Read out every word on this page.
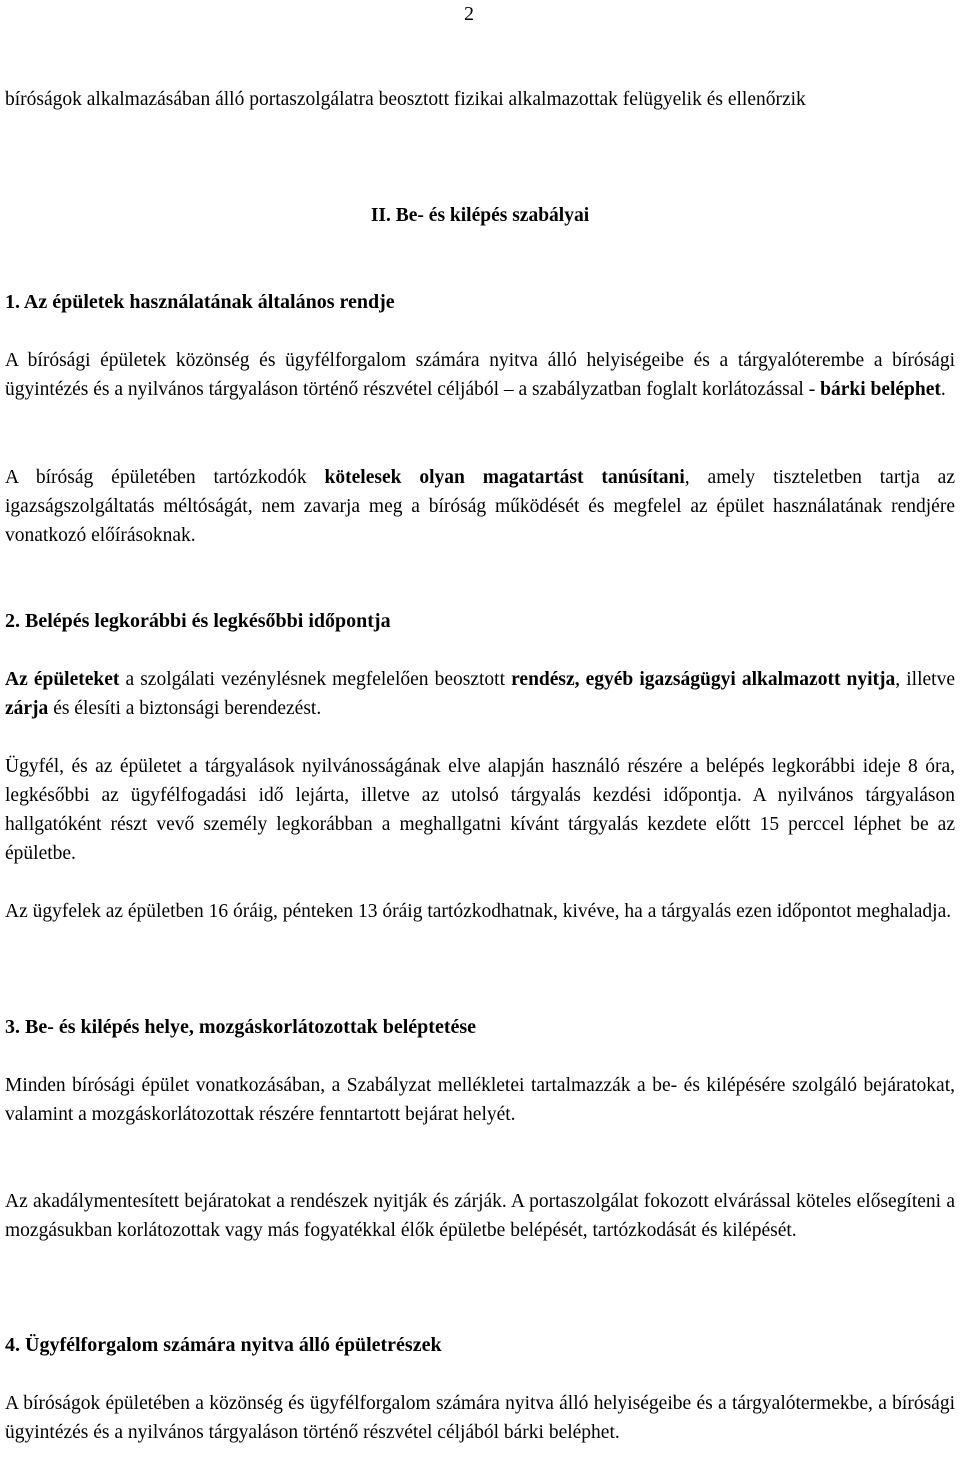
2

bíróságok alkalmazásában álló portaszolgálatra beosztott fizikai alkalmazottak felügyelik és ellenőrzik

II. Be- és kilépés szabályai

1. Az épületek használatának általános rendje

A bírósági épületek közönség és ügyfélforgalom számára nyitva álló helyiségeibe és a tárgyalóterembe a bírósági ügyintézés és a nyilvános tárgyaláson történő részvétel céljából – a szabályzatban foglalt korlátozással - bárki beléphet.

A bíróság épületében tartózkodók kötelesek olyan magatartást tanúsítani, amely tiszteletben tartja az igazságszolgáltatás méltóságát, nem zavarja meg a bíróság működését és megfelel az épület használatának rendjére vonatkozó előírásoknak.

2. Belépés legkorábbi és legkésőbbi időpontja

Az épületeket a szolgálati vezénylésnek megfelelően beosztott rendész, egyéb igazságügyi alkalmazott nyitja, illetve zárja és élesíti a biztonsági berendezést.

Ügyfél, és az épületet a tárgyalások nyilvánosságának elve alapján használó részére a belépés legkorábbi ideje 8 óra, legkésőbbi az ügyfélfogadási idő lejárta, illetve az utolsó tárgyalás kezdési időpontja. A nyilvános tárgyaláson hallgatóként részt vevő személy legkorábban a meghallgatni kívánt tárgyalás kezdete előtt 15 perccel léphet be az épületbe.

Az ügyfelek az épületben 16 óráig, pénteken 13 óráig tartózkodhatnak, kivéve, ha a tárgyalás ezen időpontot meghaladja.

3. Be- és kilépés helye, mozgáskorlátozottak beléptetése

Minden bírósági épület vonatkozásában, a Szabályzat mellékletei tartalmazzák a be- és kilépésére szolgáló bejáratokat, valamint a mozgáskorlátozottak részére fenntartott bejárat helyét.

Az akadálymentesített bejáratokat a rendészek nyitják és zárják. A portaszolgálat fokozott elvárással köteles elősegíteni a mozgásukban korlátozottak vagy más fogyatékkal élők épületbe belépését, tartózkodását és kilépését.

4. Ügyfélforgalom számára nyitva álló épületrészek

A bíróságok épületében a közönség és ügyfélforgalom számára nyitva álló helyiségeibe és a tárgyalótermekbe, a bírósági ügyintézés és a nyilvános tárgyaláson történő részvétel céljából bárki beléphet.
